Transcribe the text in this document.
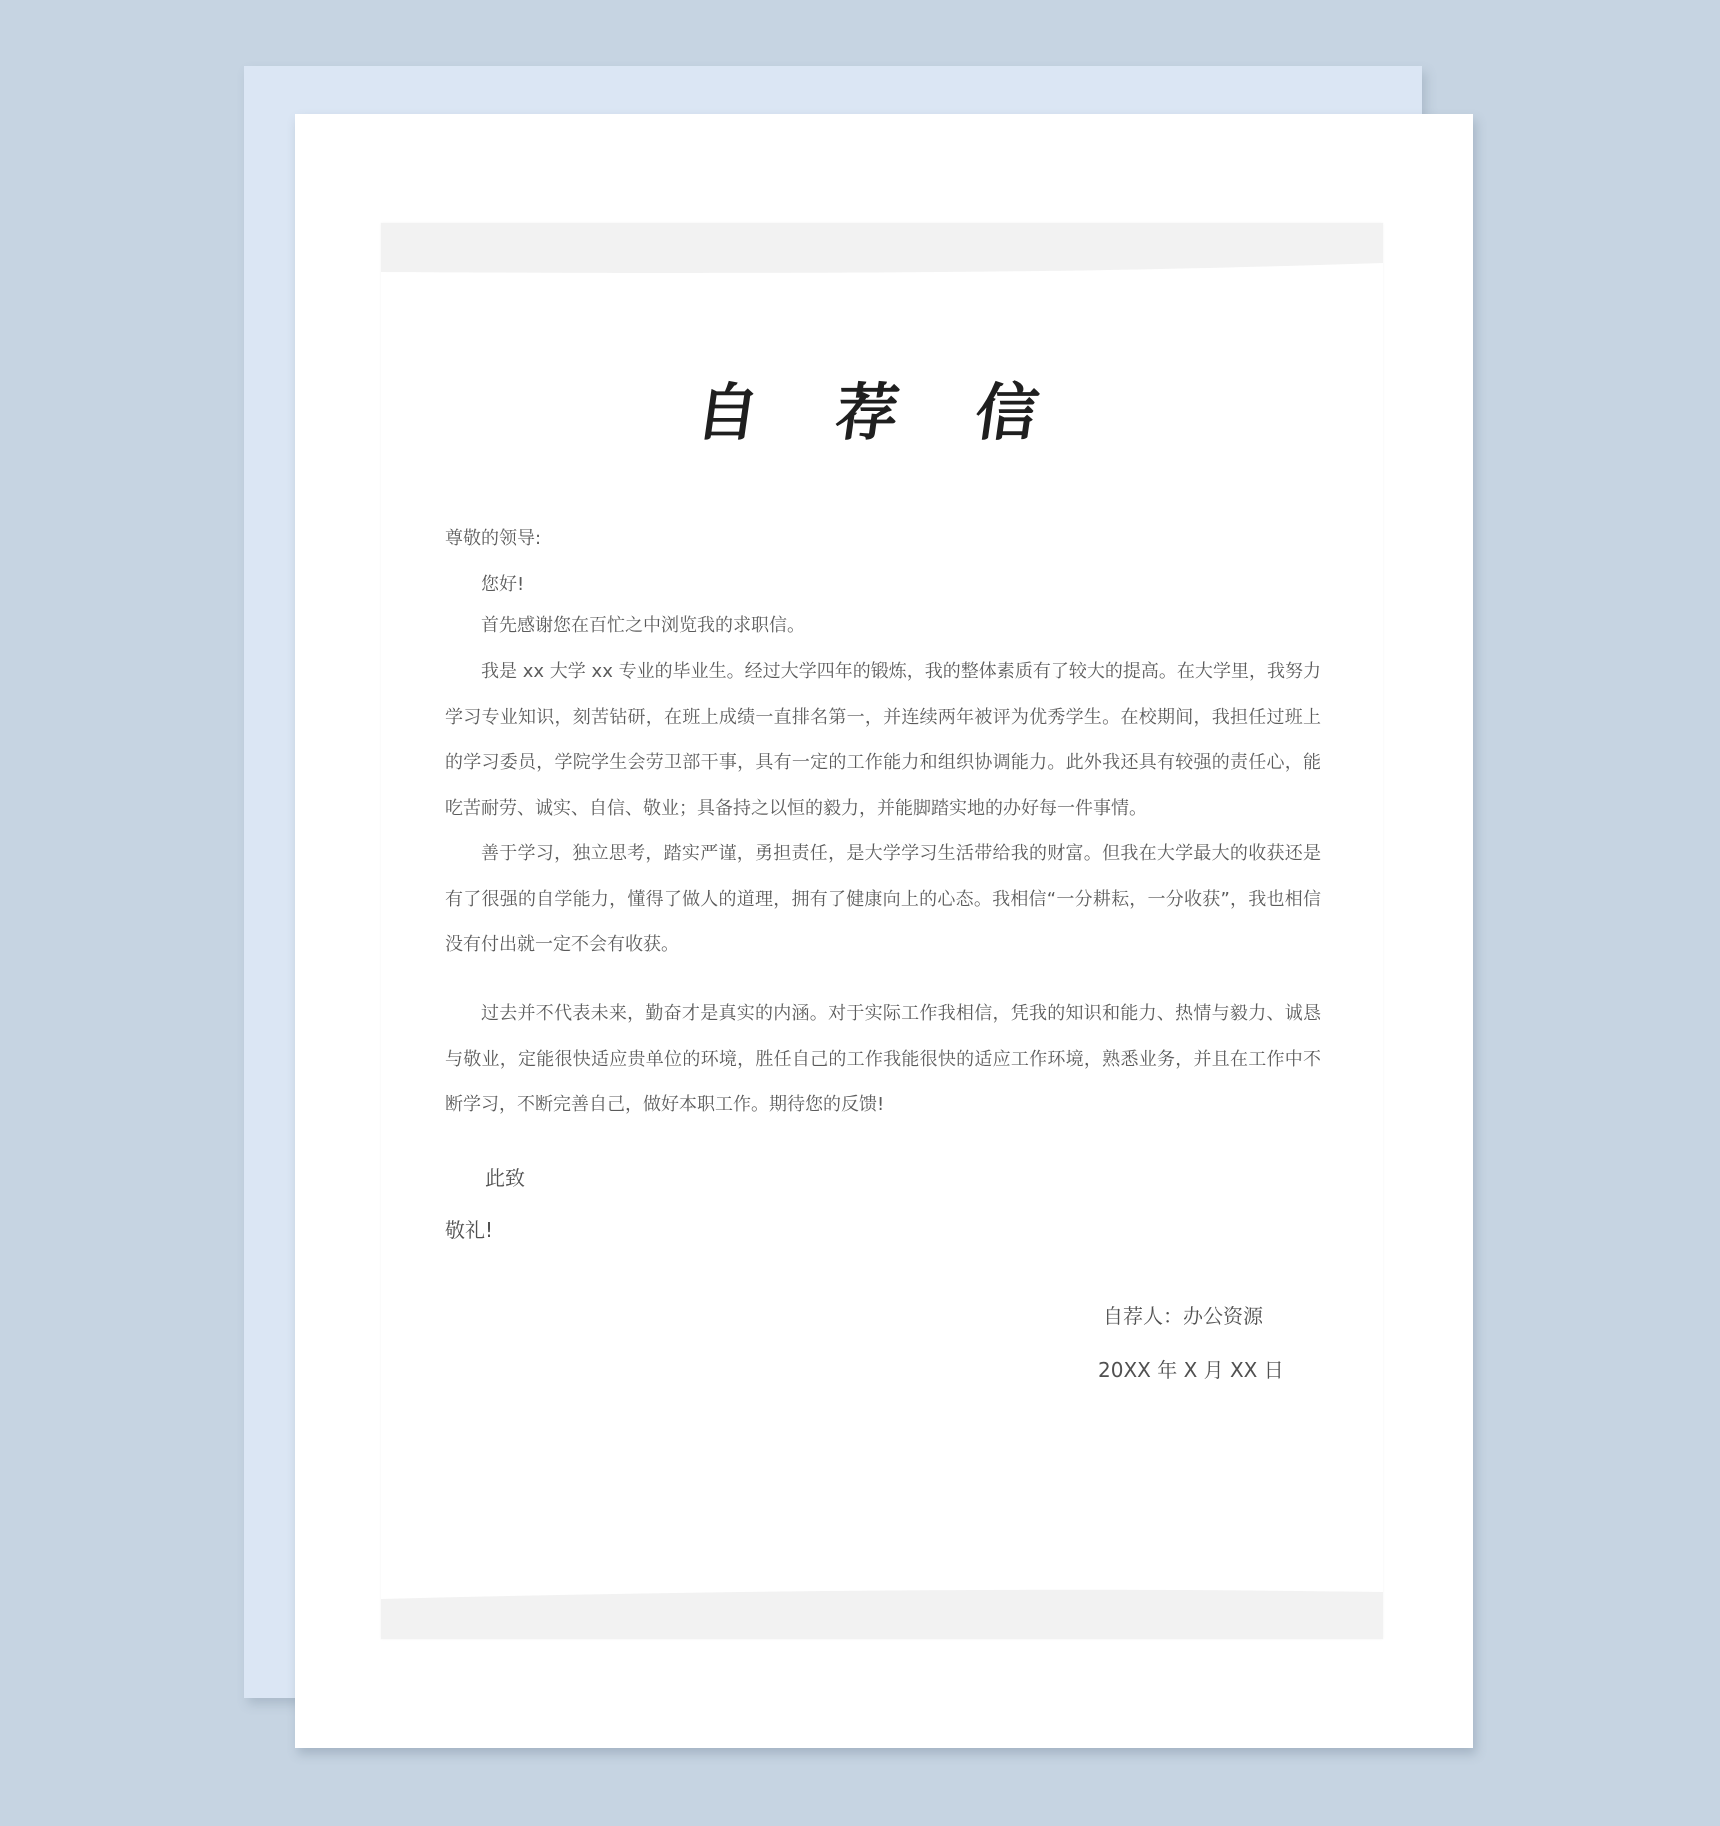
自 荐 信
尊敬的领导:
您好!
首先感谢您在百忙之中浏览我的求职信。
我是 xx 大学 xx 专业的毕业生。经过大学四年的锻炼，我的整体素质有了较大的提高。在大学里，我努力学习专业知识，刻苦钻研，在班上成绩一直排名第一，并连续两年被评为优秀学生。在校期间，我担任过班上的学习委员，学院学生会劳卫部干事，具有一定的工作能力和组织协调能力。此外我还具有较强的责任心，能吃苦耐劳、诚实、自信、敬业；具备持之以恒的毅力，并能脚踏实地的办好每一件事情。
善于学习，独立思考，踏实严谨，勇担责任，是大学学习生活带给我的财富。但我在大学最大的收获还是有了很强的自学能力，懂得了做人的道理，拥有了健康向上的心态。我相信“一分耕耘，一分收获”，我也相信没有付出就一定不会有收获。
过去并不代表未来，勤奋才是真实的内涵。对于实际工作我相信，凭我的知识和能力、热情与毅力、诚恳与敬业，定能很快适应贵单位的环境，胜任自己的工作我能很快的适应工作环境，熟悉业务，并且在工作中不断学习，不断完善自己，做好本职工作。期待您的反馈!
此致
敬礼!
自荐人：办公资源
20XX 年 X 月 XX 日
